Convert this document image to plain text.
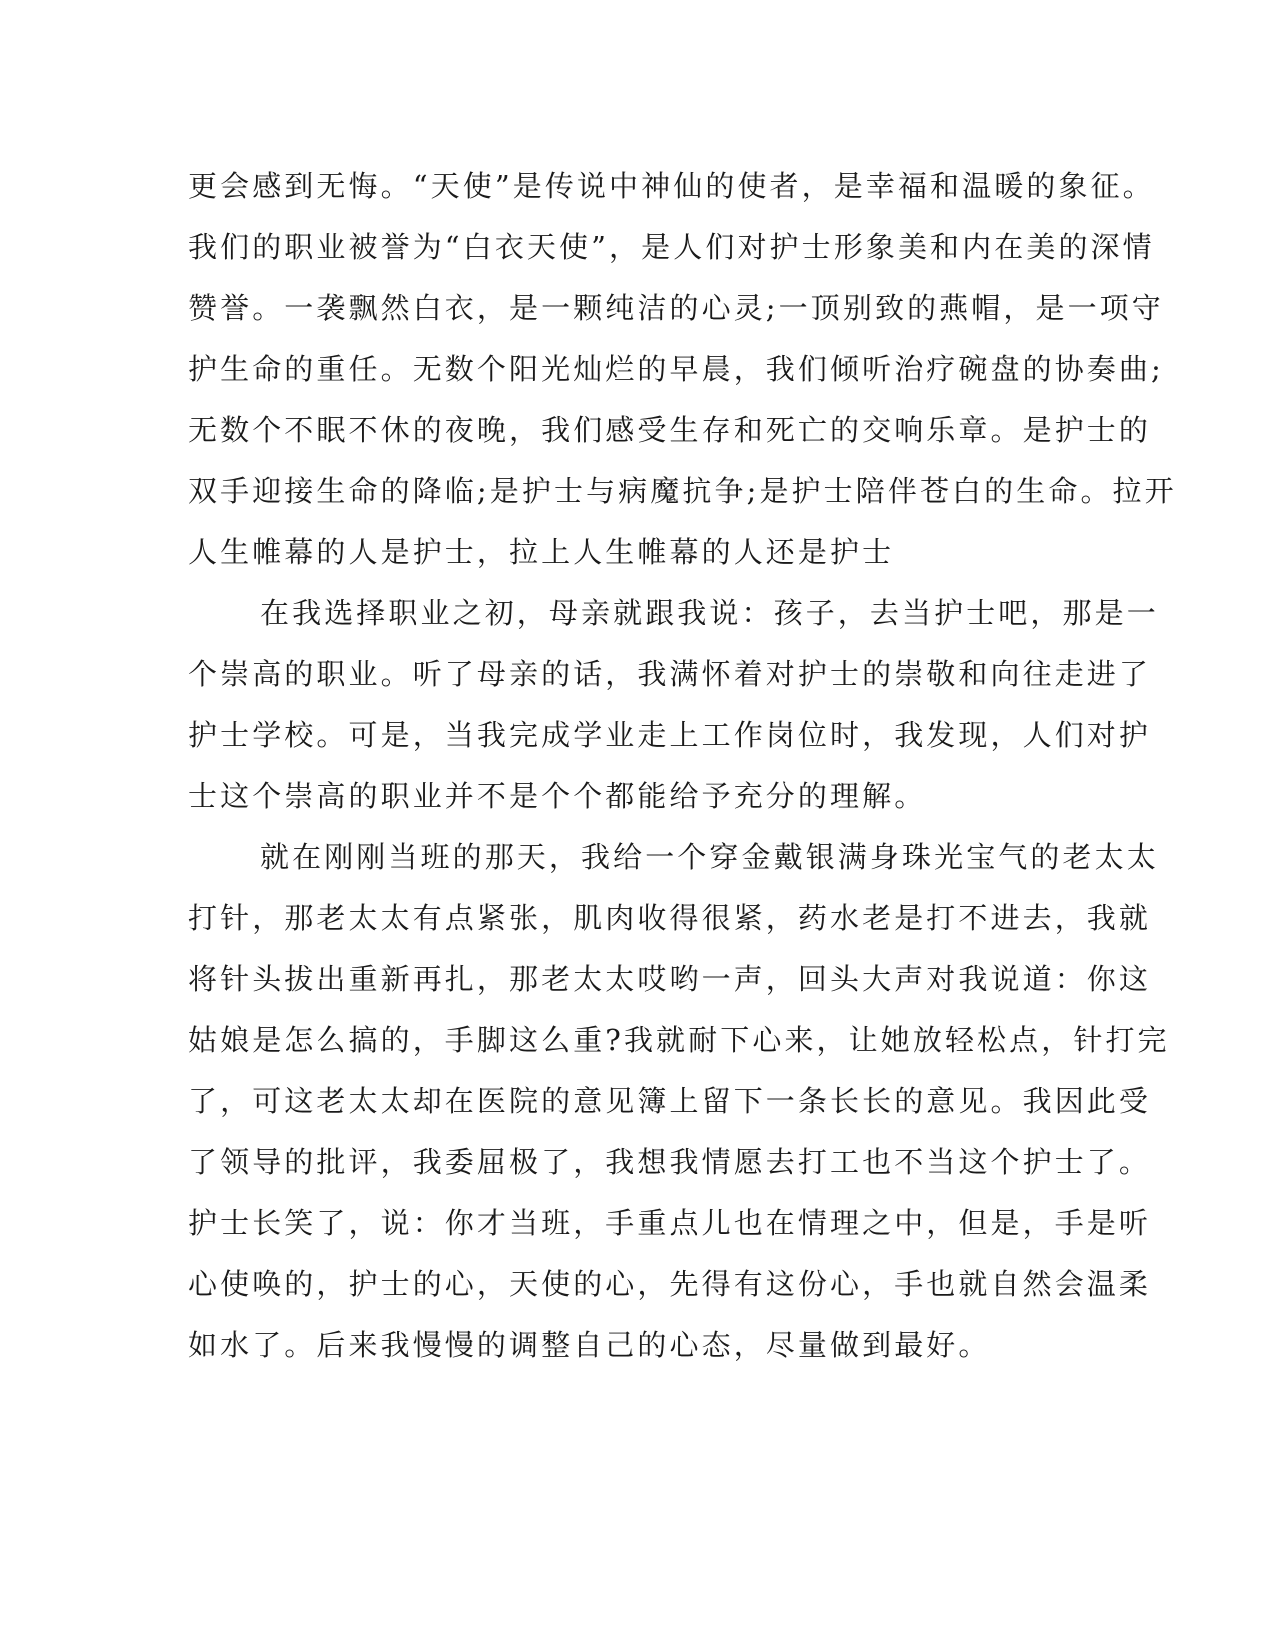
更会感到无悔。“天使”是传说中神仙的使者，是幸福和温暖的象征。
我们的职业被誉为“白衣天使”，是人们对护士形象美和内在美的深情
赞誉。一袭飘然白衣，是一颗纯洁的心灵;一顶别致的燕帽，是一项守
护生命的重任。无数个阳光灿烂的早晨，我们倾听治疗碗盘的协奏曲;
无数个不眠不休的夜晚，我们感受生存和死亡的交响乐章。是护士的
双手迎接生命的降临;是护士与病魔抗争;是护士陪伴苍白的生命。拉开
人生帷幕的人是护士，拉上人生帷幕的人还是护士
在我选择职业之初，母亲就跟我说：孩子，去当护士吧，那是一
个崇高的职业。听了母亲的话，我满怀着对护士的崇敬和向往走进了
护士学校。可是，当我完成学业走上工作岗位时，我发现，人们对护
士这个崇高的职业并不是个个都能给予充分的理解。
就在刚刚当班的那天，我给一个穿金戴银满身珠光宝气的老太太
打针，那老太太有点紧张，肌肉收得很紧，药水老是打不进去，我就
将针头拔出重新再扎，那老太太哎哟一声，回头大声对我说道：你这
姑娘是怎么搞的，手脚这么重?我就耐下心来，让她放轻松点，针打完
了，可这老太太却在医院的意见簿上留下一条长长的意见。我因此受
了领导的批评，我委屈极了，我想我情愿去打工也不当这个护士了。
护士长笑了，说：你才当班，手重点儿也在情理之中，但是，手是听
心使唤的，护士的心，天使的心，先得有这份心，手也就自然会温柔
如水了。后来我慢慢的调整自己的心态，尽量做到最好。
